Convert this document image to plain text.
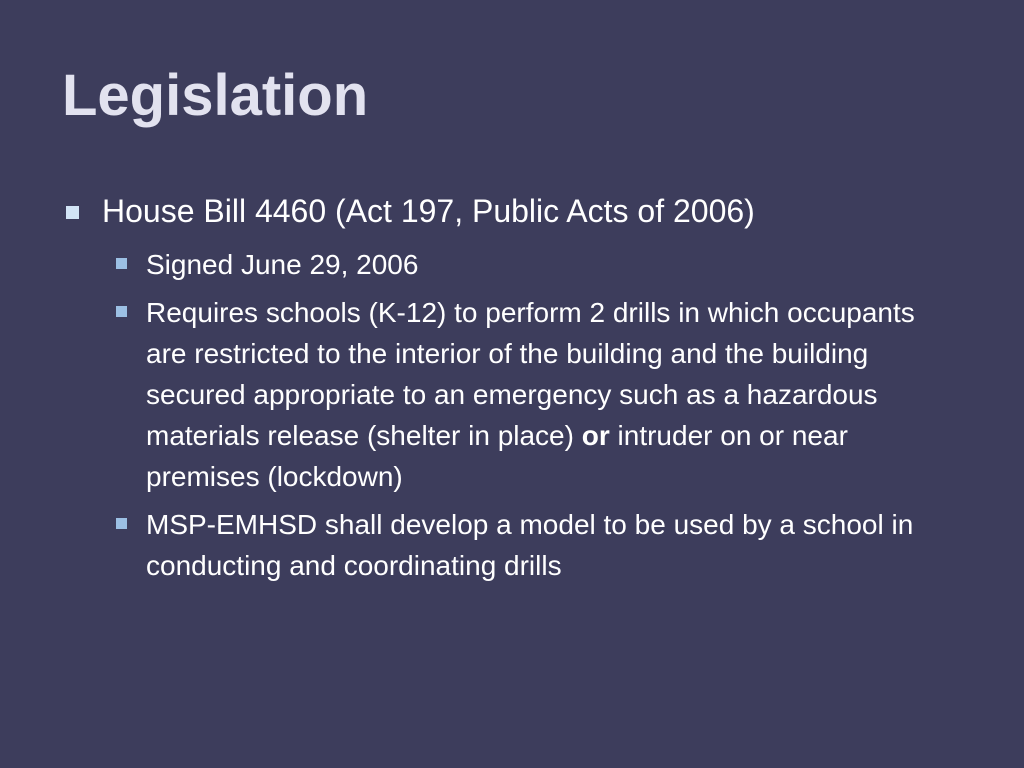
Legislation
House Bill 4460 (Act 197, Public Acts of 2006)
Signed June 29, 2006
Requires schools (K-12) to perform 2 drills in which occupants are restricted to the interior of the building and the building secured appropriate to an emergency such as a hazardous materials release (shelter in place) or intruder on or near premises (lockdown)
MSP-EMHSD shall develop a model to be used by a school in conducting and coordinating drills
